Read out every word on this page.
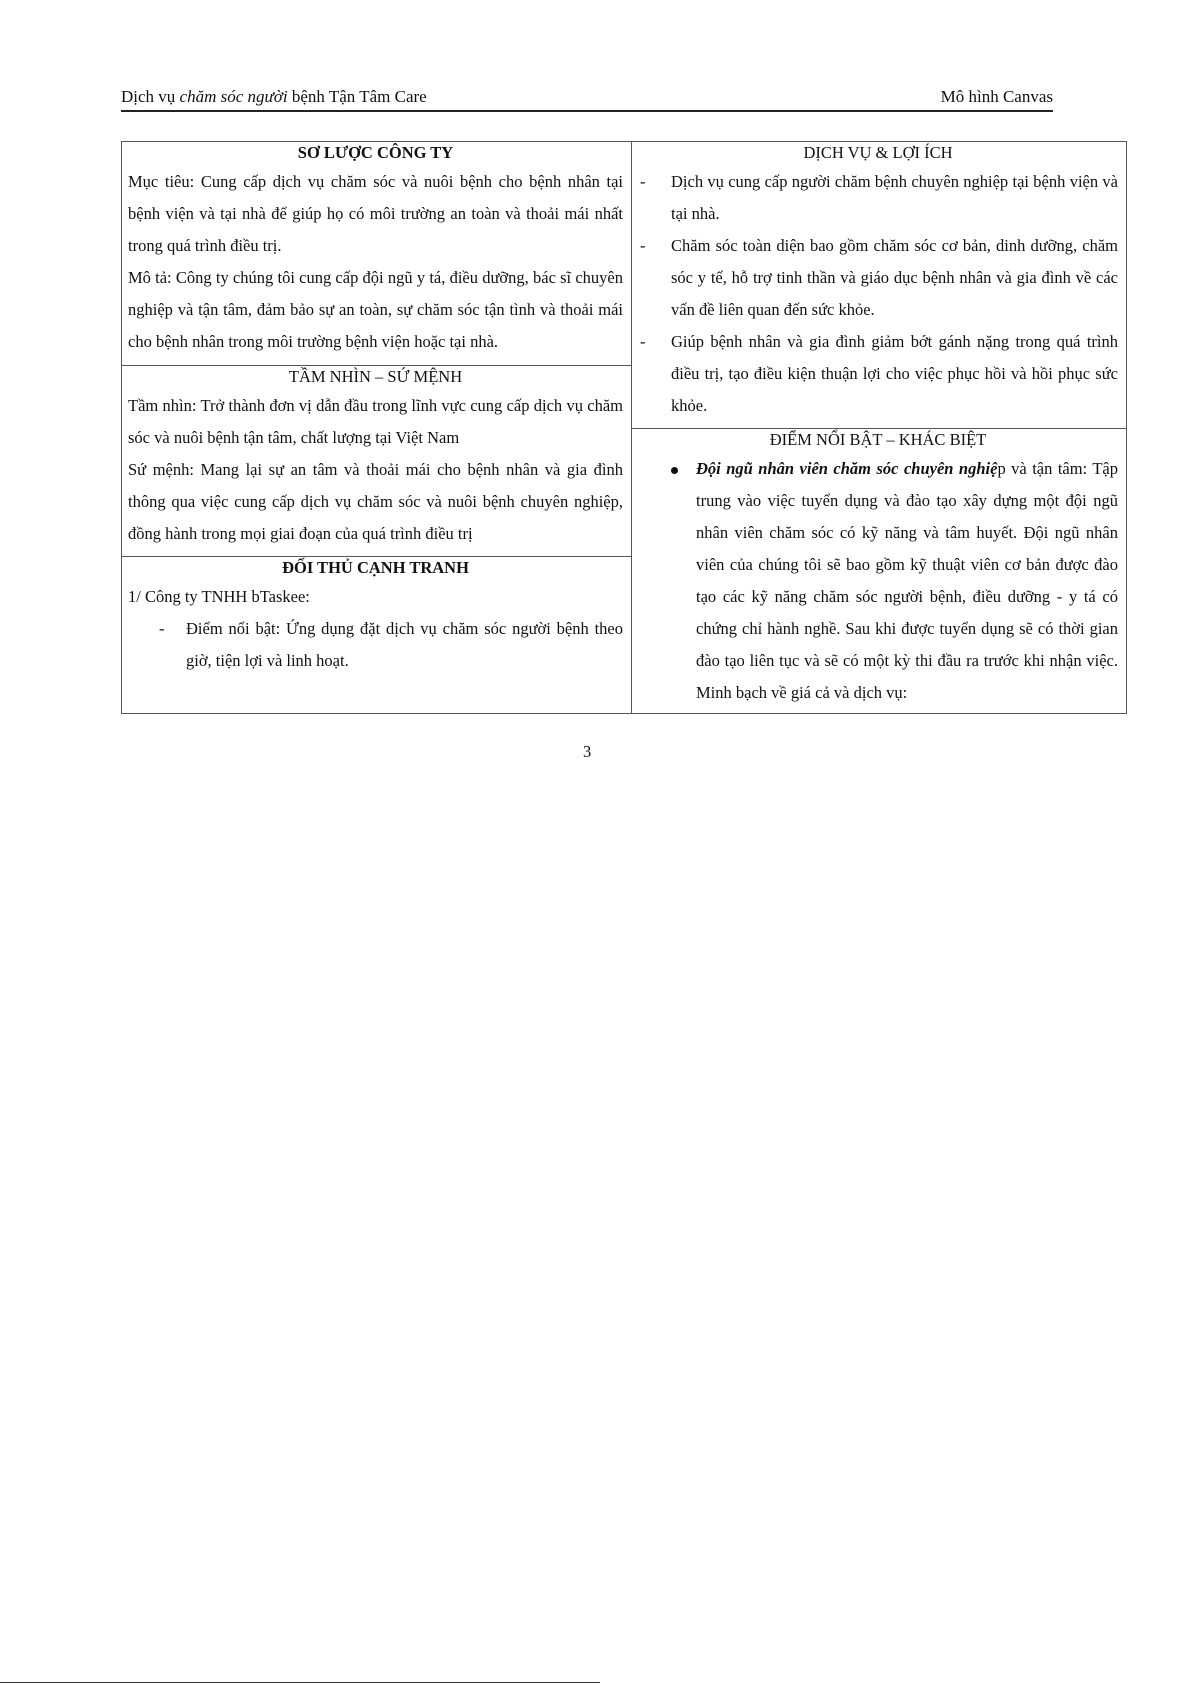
Dịch vụ chăm sóc người bệnh Tận Tâm Care	Mô hình Canvas
SƠ LƯỢC CÔNG TY

Mục tiêu: Cung cấp dịch vụ chăm sóc và nuôi bệnh cho bệnh nhân tại bệnh viện và tại nhà để giúp họ có môi trường an toàn và thoải mái nhất trong quá trình điều trị.

Mô tả: Công ty chúng tôi cung cấp đội ngũ y tá, điều dưỡng, bác sĩ chuyên nghiệp và tận tâm, đảm bảo sự an toàn, sự chăm sóc tận tình và thoải mái cho bệnh nhân trong môi trường bệnh viện hoặc tại nhà.

TẦM NHÌN – SỨ MỆNH

Tầm nhìn: Trở thành đơn vị dẫn đầu trong lĩnh vực cung cấp dịch vụ chăm sóc và nuôi bệnh tận tâm, chất lượng tại Việt Nam

Sứ mệnh: Mang lại sự an tâm và thoải mái cho bệnh nhân và gia đình thông qua việc cung cấp dịch vụ chăm sóc và nuôi bệnh chuyên nghiệp, đồng hành trong mọi giai đoạn của quá trình điều trị

ĐỐI THỦ CẠNH TRANH

1/ Công ty TNHH bTaskee:

- Điểm nổi bật: Ứng dụng đặt dịch vụ chăm sóc người bệnh theo giờ, tiện lợi và linh hoạt.
DỊCH VỤ & LỢI ÍCH
- Dịch vụ cung cấp người chăm bệnh chuyên nghiệp tại bệnh viện và tại nhà.
- Chăm sóc toàn diện bao gồm chăm sóc cơ bản, dinh dưỡng, chăm sóc y tế, hỗ trợ tinh thần và giáo dục bệnh nhân và gia đình về các vấn đề liên quan đến sức khỏe.
- Giúp bệnh nhân và gia đình giảm bớt gánh nặng trong quá trình điều trị, tạo điều kiện thuận lợi cho việc phục hồi và hồi phục sức khỏe.
ĐIỂM NỔI BẬT – KHÁC BIỆT
Đội ngũ nhân viên chăm sóc chuyên nghiệp và tận tâm: Tập trung vào việc tuyển dụng và đào tạo xây dựng một đội ngũ nhân viên chăm sóc có kỹ năng và tâm huyết. Đội ngũ nhân viên của chúng tôi sẽ bao gồm kỹ thuật viên cơ bản được đào tạo các kỹ năng chăm sóc người bệnh, điều dưỡng - y tá có chứng chỉ hành nghề. Sau khi được tuyển dụng sẽ có thời gian đào tạo liên tục và sẽ có một kỳ thi đầu ra trước khi nhận việc. Minh bạch về giá cả và dịch vụ:
3
